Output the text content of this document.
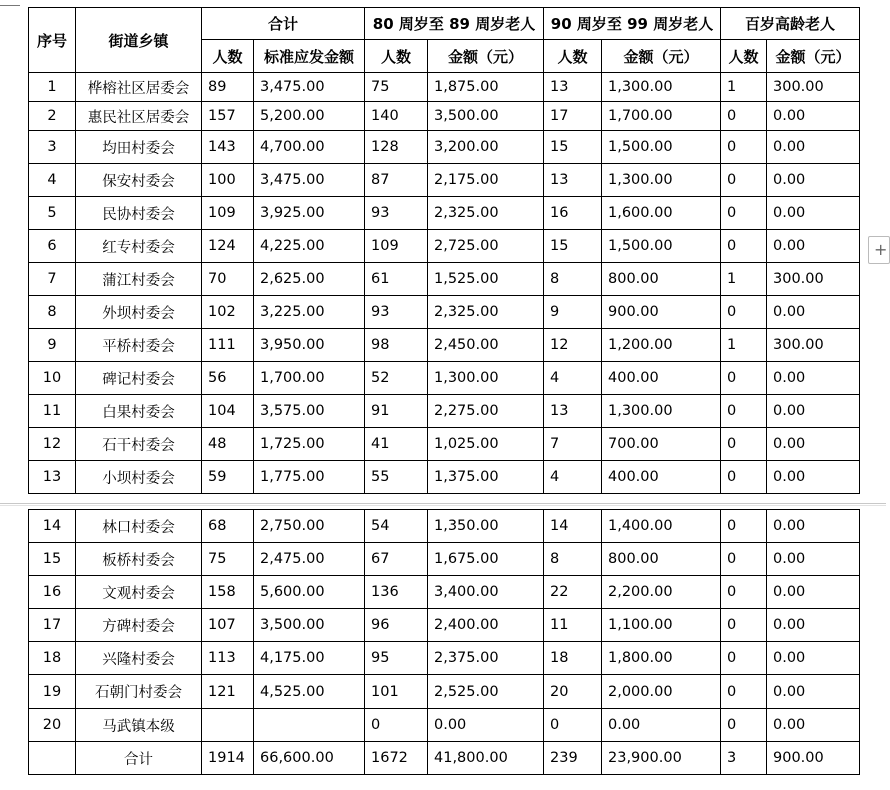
+
序号	街道乡镇	合计		80 周岁至 89 周岁老人		90 周岁至 99 周岁老人		百岁高龄老人	
		人数	标准应发金额	人数	金额（元）	人数	金额（元）	人数	金额（元）
1	桦榕社区居委会	89	3,475.00	75	1,875.00	13	1,300.00	1	300.00
2	惠民社区居委会	157	5,200.00	140	3,500.00	17	1,700.00	0	0.00
3	均田村委会	143	4,700.00	128	3,200.00	15	1,500.00	0	0.00
4	保安村委会	100	3,475.00	87	2,175.00	13	1,300.00	0	0.00
5	民协村委会	109	3,925.00	93	2,325.00	16	1,600.00	0	0.00
6	红专村委会	124	4,225.00	109	2,725.00	15	1,500.00	0	0.00
7	蒲江村委会	70	2,625.00	61	1,525.00	8	800.00	1	300.00
8	外坝村委会	102	3,225.00	93	2,325.00	9	900.00	0	0.00
9	平桥村委会	111	3,950.00	98	2,450.00	12	1,200.00	1	300.00
10	碑记村委会	56	1,700.00	52	1,300.00	4	400.00	0	0.00
11	白果村委会	104	3,575.00	91	2,275.00	13	1,300.00	0	0.00
12	石干村委会	48	1,725.00	41	1,025.00	7	700.00	0	0.00
13	小坝村委会	59	1,775.00	55	1,375.00	4	400.00	0	0.00
14	林口村委会	68	2,750.00	54	1,350.00	14	1,400.00	0	0.00
15	板桥村委会	75	2,475.00	67	1,675.00	8	800.00	0	0.00
16	文观村委会	158	5,600.00	136	3,400.00	22	2,200.00	0	0.00
17	方碑村委会	107	3,500.00	96	2,400.00	11	1,100.00	0	0.00
18	兴隆村委会	113	4,175.00	95	2,375.00	18	1,800.00	0	0.00
19	石朝门村委会	121	4,525.00	101	2,525.00	20	2,000.00	0	0.00
20	马武镇本级			0	0.00	0	0.00	0	0.00
	合计	1914	66,600.00	1672	41,800.00	239	23,900.00	3	900.00
